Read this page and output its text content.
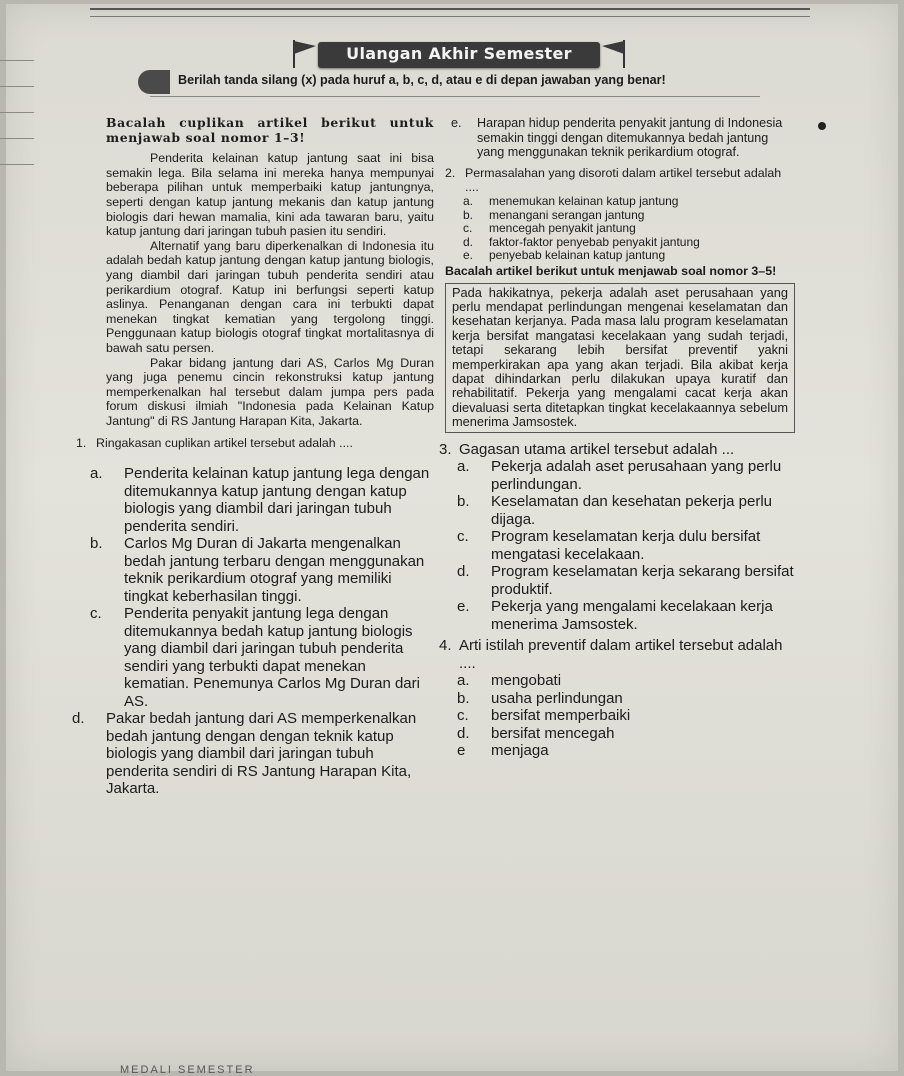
Ulangan Akhir Semester
Berilah tanda silang (x) pada huruf a, b, c, d, atau e di depan jawaban yang benar!

Bacalah cuplikan artikel berikut untuk menjawab soal nomor 1–3!

Penderita kelainan katup jantung saat ini bisa semakin lega. Bila selama ini mereka hanya mempunyai beberapa pilihan untuk memperbaiki katup jantungnya, seperti dengan katup jantung mekanis dan katup jantung biologis dari hewan mamalia, kini ada tawaran baru, yaitu katup jantung dari jaringan tubuh pasien itu sendiri.

Alternatif yang baru diperkenalkan di Indonesia itu adalah bedah katup jantung dengan katup jantung biologis, yang diambil dari jaringan tubuh penderita sendiri atau perikardium otograf. Katup ini berfungsi seperti katup aslinya. Penanganan dengan cara ini terbukti dapat menekan tingkat kematian yang tergolong tinggi. Penggunaan katup biologis otograf tingkat mortalitasnya di bawah satu persen.

Pakar bidang jantung dari AS, Carlos Mg Duran yang juga penemu cincin rekonstruksi katup jantung memperkenalkan hal tersebut dalam jumpa pers pada forum diskusi ilmiah "Indonesia pada Kelainan Katup Jantung" di RS Jantung Harapan Kita, Jakarta.

1. Ringakasan cuplikan artikel tersebut adalah ....
a.	Penderita kelainan katup jantung lega dengan ditemukannya katup jantung dengan katup biologis yang diambil dari jaringan tubuh penderita sendiri.
b.	Carlos Mg Duran di Jakarta mengenalkan bedah jantung terbaru dengan menggunakan teknik perikardium otograf yang memiliki tingkat keberhasilan tinggi.
c.	Penderita penyakit jantung lega dengan ditemukannya bedah katup jantung biologis yang diambil dari jaringan tubuh penderita sendiri yang terbukti dapat menekan kematian. Penemunya Carlos Mg Duran dari AS.
d.	Pakar bedah jantung dari AS memperkenalkan bedah jantung dengan dengan teknik katup biologis yang diambil dari jaringan tubuh penderita sendiri di RS Jantung Harapan Kita, Jakarta.
e.	Harapan hidup penderita penyakit jantung di Indonesia semakin tinggi dengan ditemukannya bedah jantung yang menggunakan teknik perikardium otograf.
2. Permasalahan yang disoroti dalam artikel tersebut adalah ....
a.	menemukan kelainan katup jantung
b.	menangani serangan jantung
c.	mencegah penyakit jantung
d.	faktor-faktor penyebab penyakit jantung
e.	penyebab kelainan katup jantung

Bacalah artikel berikut untuk menjawab soal nomor 3–5!

Pada hakikatnya, pekerja adalah aset perusahaan yang perlu mendapat perlindungan mengenai keselamatan dan kesehatan kerjanya. Pada masa lalu program keselamatan kerja bersifat mangatasi kecelakaan yang sudah terjadi, tetapi sekarang lebih bersifat preventif yakni memperkirakan apa yang akan terjadi. Bila akibat kerja dapat dihindarkan perlu dilakukan upaya kuratif dan rehabilitatif. Pekerja yang mengalami cacat kerja akan dievaluasi serta ditetapkan tingkat kecelakaannya sebelum menerima Jamsostek.

3. Gagasan utama artikel tersebut adalah ...
a.	Pekerja adalah aset perusahaan yang perlu perlindungan.
b.	Keselamatan dan kesehatan pekerja perlu dijaga.
c.	Program keselamatan kerja dulu bersifat mengatasi kecelakaan.
d.	Program keselamatan kerja sekarang bersifat produktif.
e.	Pekerja yang mengalami kecelakaan kerja menerima Jamsostek.
4. Arti istilah preventif dalam artikel tersebut adalah ....
a.	mengobati
b.	usaha perlindungan
c.	bersifat memperbaiki
d.	bersifat mencegah
e	menjaga
MEDALI SEMESTER
